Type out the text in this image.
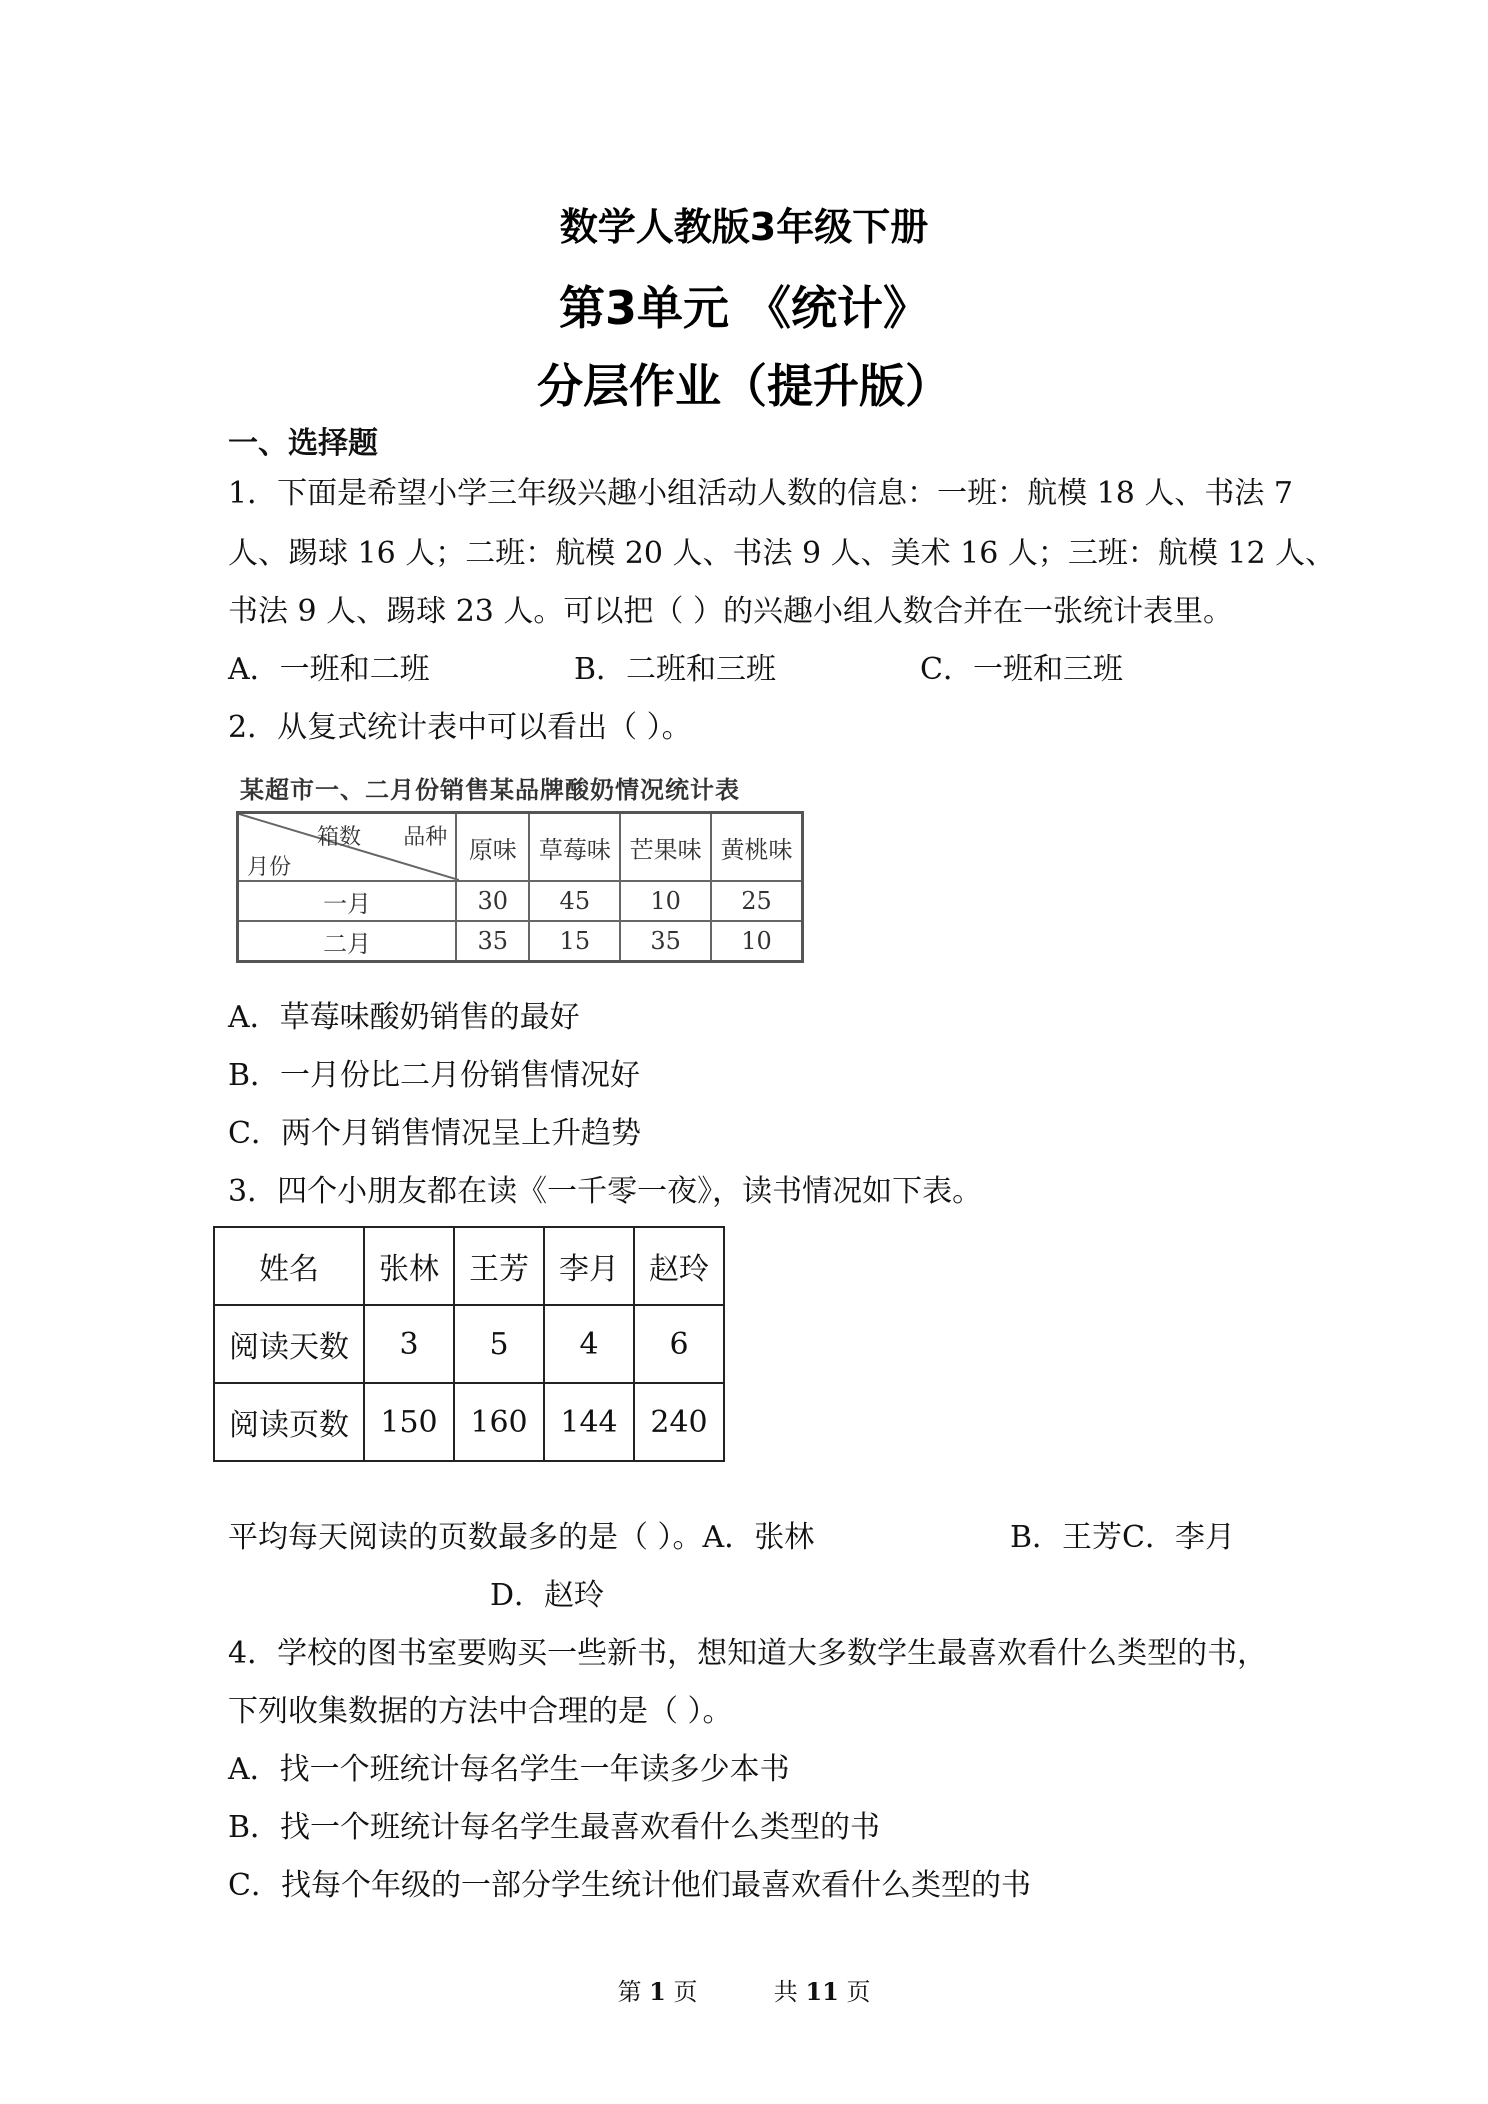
数学人教版3年级下册
第3单元 《统计》
分层作业（提升版）
一、选择题
1．下面是希望小学三年级兴趣小组活动人数的信息：一班：航模 18 人、书法 7
人、踢球 16 人；二班：航模 20 人、书法 9 人、美术 16 人；三班：航模 12 人、
书法 9 人、踢球 23 人。可以把（ ）的兴趣小组人数合并在一张统计表里。
A．一班和二班	B．二班和三班	C．一班和三班
2．从复式统计表中可以看出（ ）。
某超市一、二月份销售某品牌酸奶情况统计表
箱数 品种
月份	原味	草莓味	芒果味	黄桃味
一月	30	45	10	25
二月	35	15	35	10
A．草莓味酸奶销售的最好
B．一月份比二月份销售情况好
C．两个月销售情况呈上升趋势
3．四个小朋友都在读《一千零一夜》，读书情况如下表。
姓名	张林	王芳	李月	赵玲
阅读天数	3	5	4	6
阅读页数	150	160	144	240
平均每天阅读的页数最多的是（ ）。A．张林	B．王芳C．李月
D．赵玲
4．学校的图书室要购买一些新书，想知道大多数学生最喜欢看什么类型的书，
下列收集数据的方法中合理的是（ ）。
A．找一个班统计每名学生一年读多少本书
B．找一个班统计每名学生最喜欢看什么类型的书
C．找每个年级的一部分学生统计他们最喜欢看什么类型的书
第 1 页	共 11 页
